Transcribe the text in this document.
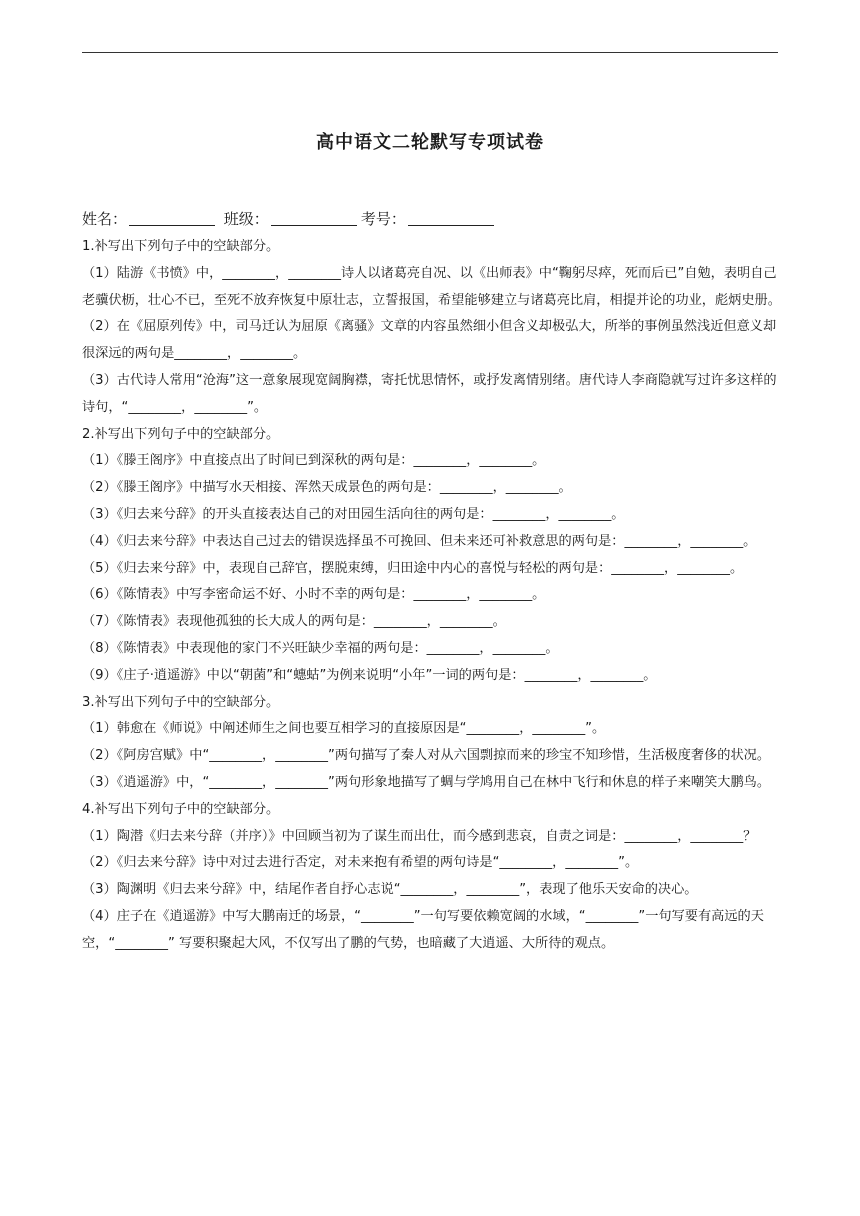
高中语文二轮默写专项试卷
姓名：	班级：	考号：

1.补写出下列句子中的空缺部分。

（1）陆游《书愤》中，________，________诗人以诸葛亮自况、以《出师表》中“鞠躬尽瘁，死而后已”自勉，表明自己老骥伏枥，壮心不已，至死不放弃恢复中原壮志，立誓报国，希望能够建立与诸葛亮比肩，相提并论的功业，彪炳史册。

（2）在《屈原列传》中，司马迁认为屈原《离骚》文章的内容虽然细小但含义却极弘大，所举的事例虽然浅近但意义却很深远的两句是________，________。

（3）古代诗人常用“沧海”这一意象展现宽阔胸襟，寄托忧思情怀，或抒发离情别绪。唐代诗人李商隐就写过许多这样的诗句，“________，________”。

2.补写出下列句子中的空缺部分。

（1）《滕王阁序》中直接点出了时间已到深秋的两句是：________，________。

（2）《滕王阁序》中描写水天相接、浑然天成景色的两句是：________，________。

（3）《归去来兮辞》的开头直接表达自己的对田园生活向往的两句是：________，________。

（4）《归去来兮辞》中表达自己过去的错误选择虽不可挽回、但未来还可补救意思的两句是：________，________。

（5）《归去来兮辞》中，表现自己辞官，摆脱束缚，归田途中内心的喜悦与轻松的两句是：________，________。

（6）《陈情表》中写李密命运不好、小时不幸的两句是：________，________。

（7）《陈情表》表现他孤独的长大成人的两句是：________，________。

（8）《陈情表》中表现他的家门不兴旺缺少幸福的两句是：________，________。

（9）《庄子·逍遥游》中以“朝菌”和“蟪蛄”为例来说明“小年”一词的两句是：________，________。

3.补写出下列句子中的空缺部分。

（1）韩愈在《师说》中阐述师生之间也要互相学习的直接原因是“________，________”。

（2）《阿房宫赋》中“________，________”两句描写了秦人对从六国剽掠而来的珍宝不知珍惜，生活极度奢侈的状况。

（3）《逍遥游》中，“________，________”两句形象地描写了蜩与学鸠用自己在林中飞行和休息的样子来嘲笑大鹏鸟。

4.补写出下列句子中的空缺部分。

（1）陶潜《归去来兮辞（并序）》中回顾当初为了谋生而出仕，而今感到悲哀，自责之词是：________，________？

（2）《归去来兮辞》诗中对过去进行否定，对未来抱有希望的两句诗是“________，________”。

（3）陶渊明《归去来兮辞》中，结尾作者自抒心志说“________，________”，表现了他乐天安命的决心。

（4）庄子在《逍遥游》中写大鹏南迁的场景，“________”一句写要依赖宽阔的水域，“________”一句写要有高远的天空，“________” 写要积聚起大风，不仅写出了鹏的气势，也暗藏了大逍遥、大所待的观点。
